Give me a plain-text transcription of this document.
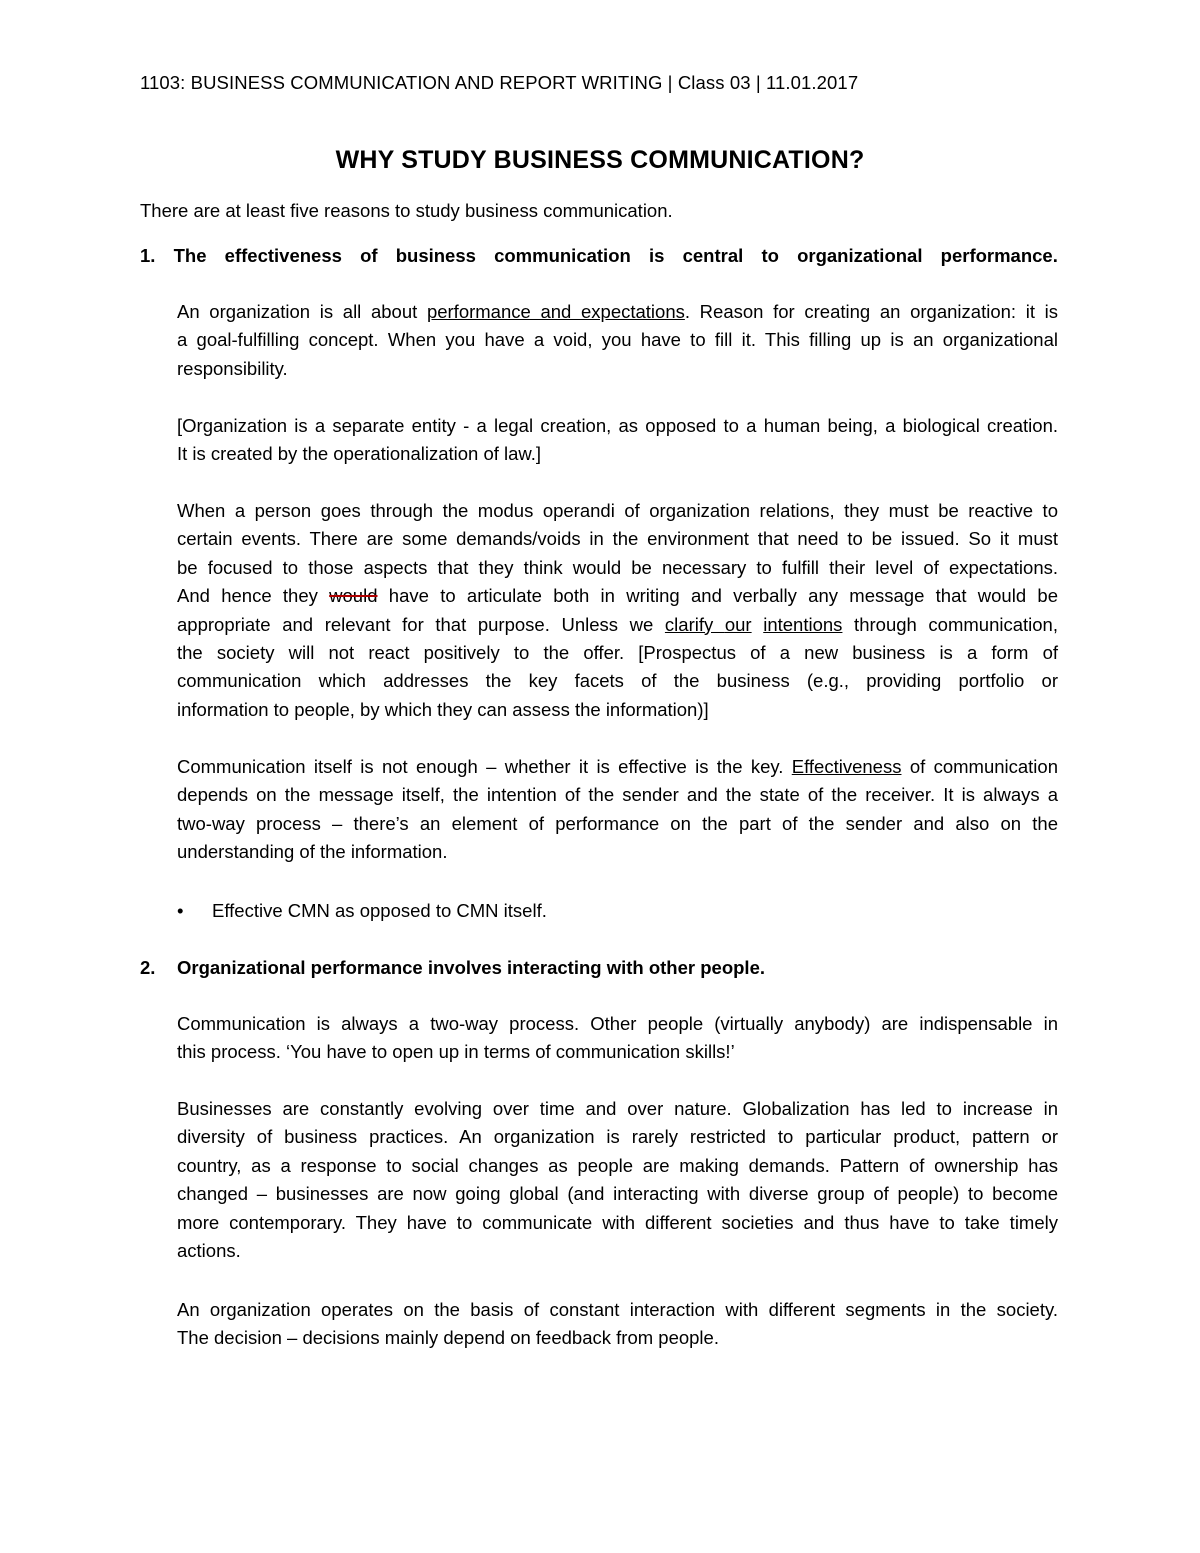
1103: BUSINESS COMMUNICATION AND REPORT WRITING | Class 03 | 11.01.2017
WHY STUDY BUSINESS COMMUNICATION?
There are at least five reasons to study business communication.
1. The effectiveness of business communication is central to organizational performance.
An organization is all about performance and expectations. Reason for creating an organization: it is
a goal-fulfilling concept. When you have a void, you have to fill it. This filling up is an organizational
responsibility.
[Organization is a separate entity - a legal creation, as opposed to a human being, a biological creation.
It is created by the operationalization of law.]
When a person goes through the modus operandi of organization relations, they must be reactive to
certain events. There are some demands/voids in the environment that need to be issued. So it must
be focused to those aspects that they think would be necessary to fulfill their level of expectations.
And hence they would have to articulate both in writing and verbally any message that would be
appropriate and relevant for that purpose. Unless we clarify our intentions through communication,
the society will not react positively to the offer. [Prospectus of a new business is a form of
communication which addresses the key facets of the business (e.g., providing portfolio or
information to people, by which they can assess the information)]
Communication itself is not enough – whether it is effective is the key. Effectiveness of communication
depends on the message itself, the intention of the sender and the state of the receiver. It is always a
two-way process – there’s an element of performance on the part of the sender and also on the
understanding of the information.
• Effective CMN as opposed to CMN itself.
2. Organizational performance involves interacting with other people.
Communication is always a two-way process. Other people (virtually anybody) are indispensable in
this process. ‘You have to open up in terms of communication skills!’
Businesses are constantly evolving over time and over nature. Globalization has led to increase in
diversity of business practices. An organization is rarely restricted to particular product, pattern or
country, as a response to social changes as people are making demands. Pattern of ownership has
changed – businesses are now going global (and interacting with diverse group of people) to become
more contemporary. They have to communicate with different societies and thus have to take timely
actions.
An organization operates on the basis of constant interaction with different segments in the society.
The decision – decisions mainly depend on feedback from people.
